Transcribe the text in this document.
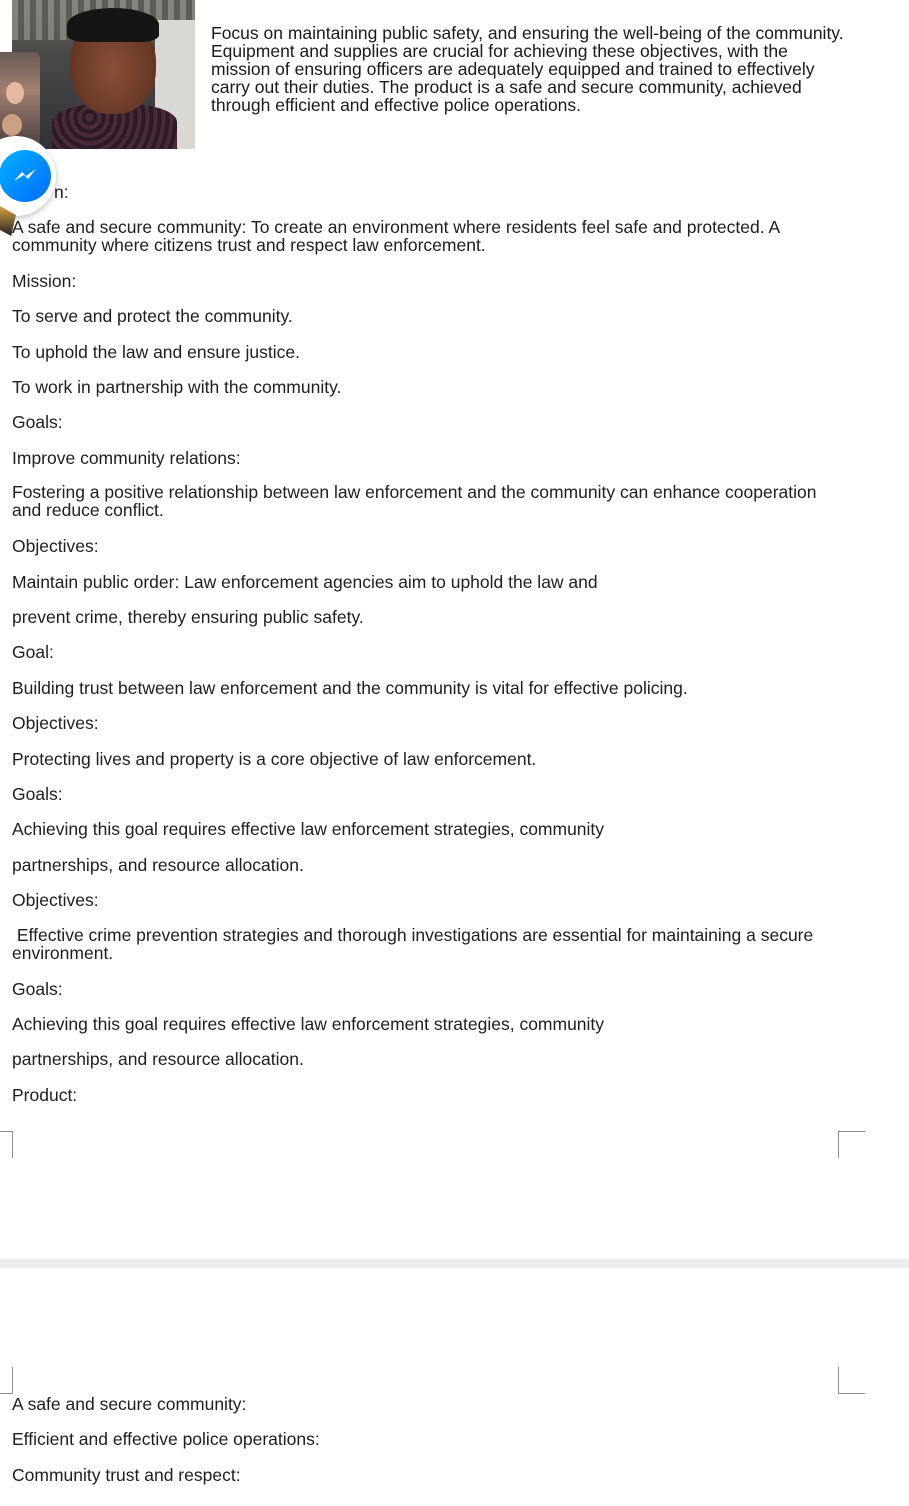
Focus on maintaining public safety, and ensuring the well-being of the community. Equipment and supplies are crucial for achieving these objectives, with the mission of ensuring officers are adequately equipped and trained to effectively carry out their duties. The product is a safe and secure community, achieved through efficient and effective police operations.

n:

A safe and secure community: To create an environment where residents feel safe and protected. A community where citizens trust and respect law enforcement.

Mission:

To serve and protect the community.

To uphold the law and ensure justice.

To work in partnership with the community.

Goals:

Improve community relations:

Fostering a positive relationship between law enforcement and the community can enhance cooperation and reduce conflict.

Objectives:

Maintain public order: Law enforcement agencies aim to uphold the law and

prevent crime, thereby ensuring public safety.

Goal:

Building trust between law enforcement and the community is vital for effective policing.

Objectives:

Protecting lives and property is a core objective of law enforcement.

Goals:

Achieving this goal requires effective law enforcement strategies, community

partnerships, and resource allocation.

Objectives:

Effective crime prevention strategies and thorough investigations are essential for maintaining a secure environment.

Goals:

Achieving this goal requires effective law enforcement strategies, community

partnerships, and resource allocation.

Product:

A safe and secure community:

Efficient and effective police operations:

Community trust and respect:
